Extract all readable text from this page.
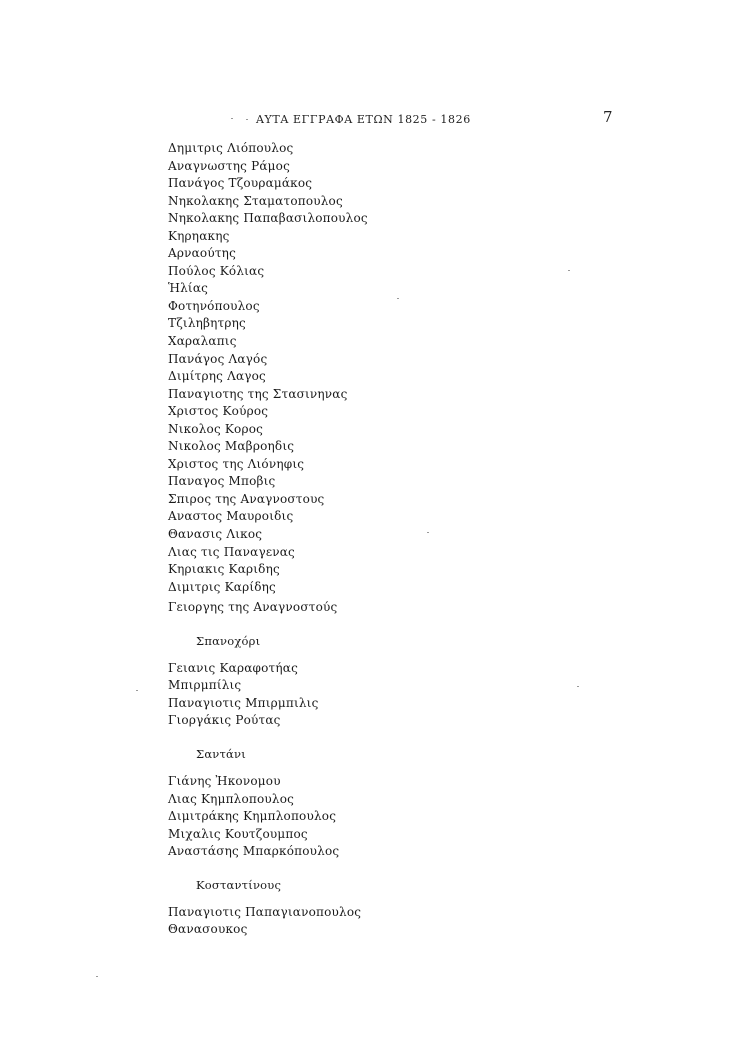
ΑΥΤΑ ΕΓΓΡΑΦΑ ΕΤΩΝ 1825 - 1826	7
Δημιτρις Λιόπουλος
Αναγνωστης Ράμος
Πανάγος Τζουραμάκος
Νηκολακης Σταματοπουλος
Νηκολακης Παπαβασιλοπουλος
Κηρηακης
Αρναούτης
Πούλος Κόλιας
Ἡλίας
Φοτηνόπουλος
Τζιληβητρης
Χαραλαπις
Πανάγος Λαγός
Διμίτρης Λαγος
Παναγιοτης της Στασινηνας
Χριστος Κούρος
Νικολος Κορος
Νικολος Μαβροηδις
Χριστος της Λιόνηφις
Παναγος Μποβις
Σπιρος της Αναγνοστους
Αναστος Μαυροιδις
Θανασις Λικος
Λιας τις Παναγενας
Κηριακις Καριδης
Διμιτρις Καρίδης
Γειοργης της Αναγνοστούς
Σπανοχόρι
Γειανις Καραφοτήας
Μπιρμπίλις
Παναγιοτις Μπιρμπιλις
Γιοργάκις Ρούτας
Σαντάνι
Γιάνης Ἠκονομου
Λιας Κημπλοπουλος
Διμιτράκης Κημπλοπουλος
Μιχαλις Κουτζουμπος
Αναστάσης Μπαρκόπουλος
Κοσταντίνους
Παναγιοτις Παπαγιανοπουλος
Θανασουκος
